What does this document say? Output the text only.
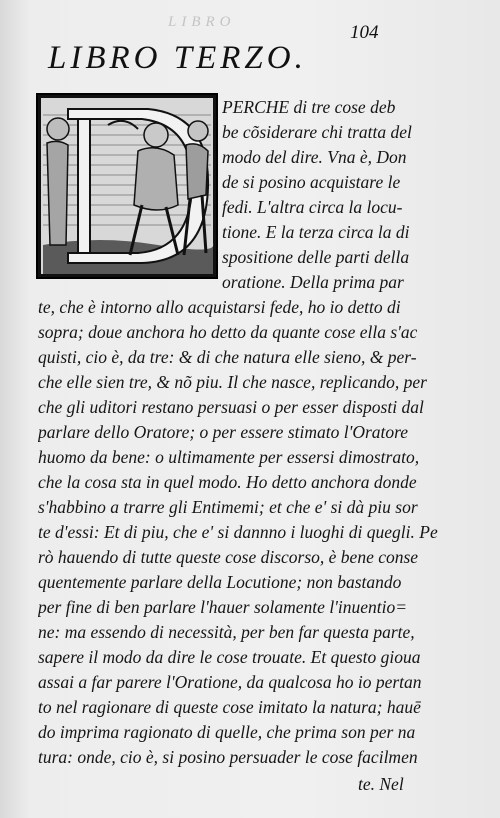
LIBRO	104
LIBRO TERZO.
PERCHE di tre cose deb
be cõsiderare chi tratta del
modo del dire. Vna è, Don
de si posino acquistare le
fedi. L'altra circa la locu-
tione. E la terza circa la di
spositione delle parti della
oratione. Della prima par
te, che è intorno allo acquistarsi fede, ho io detto di
sopra; doue anchora ho detto da quante cose ella s'ac
quisti, cio è, da tre: & di che natura elle sieno, & per-
che elle sien tre, & nõ piu. Il che nasce, replicando, per
che gli uditori restano persuasi o per esser disposti dal
parlare dello Oratore; o per essere stimato l'Oratore
huomo da bene: o ultimamente per essersi dimostrato,
che la cosa sta in quel modo. Ho detto anchora donde
s'habbino a trarre gli Entimemi; et che e' si dà piu sor
te d'essi: Et di piu, che e' si dannno i luoghi di quegli. Pe
rò hauendo di tutte queste cose discorso, è bene conse
quentemente parlare della Locutione; non bastando
per fine di ben parlare l'hauer solamente l'inuentio=
ne: ma essendo di necessità, per ben far questa parte,
sapere il modo da dire le cose trouate. Et questo gioua
assai a far parere l'Oratione, da qualcosa ho io pertan
to nel ragionare di queste cose imitato la natura; hauē
do imprima ragionato di quelle, che prima son per na
tura: onde, cio è, si posino persuader le cose facilmen
te. Nel
